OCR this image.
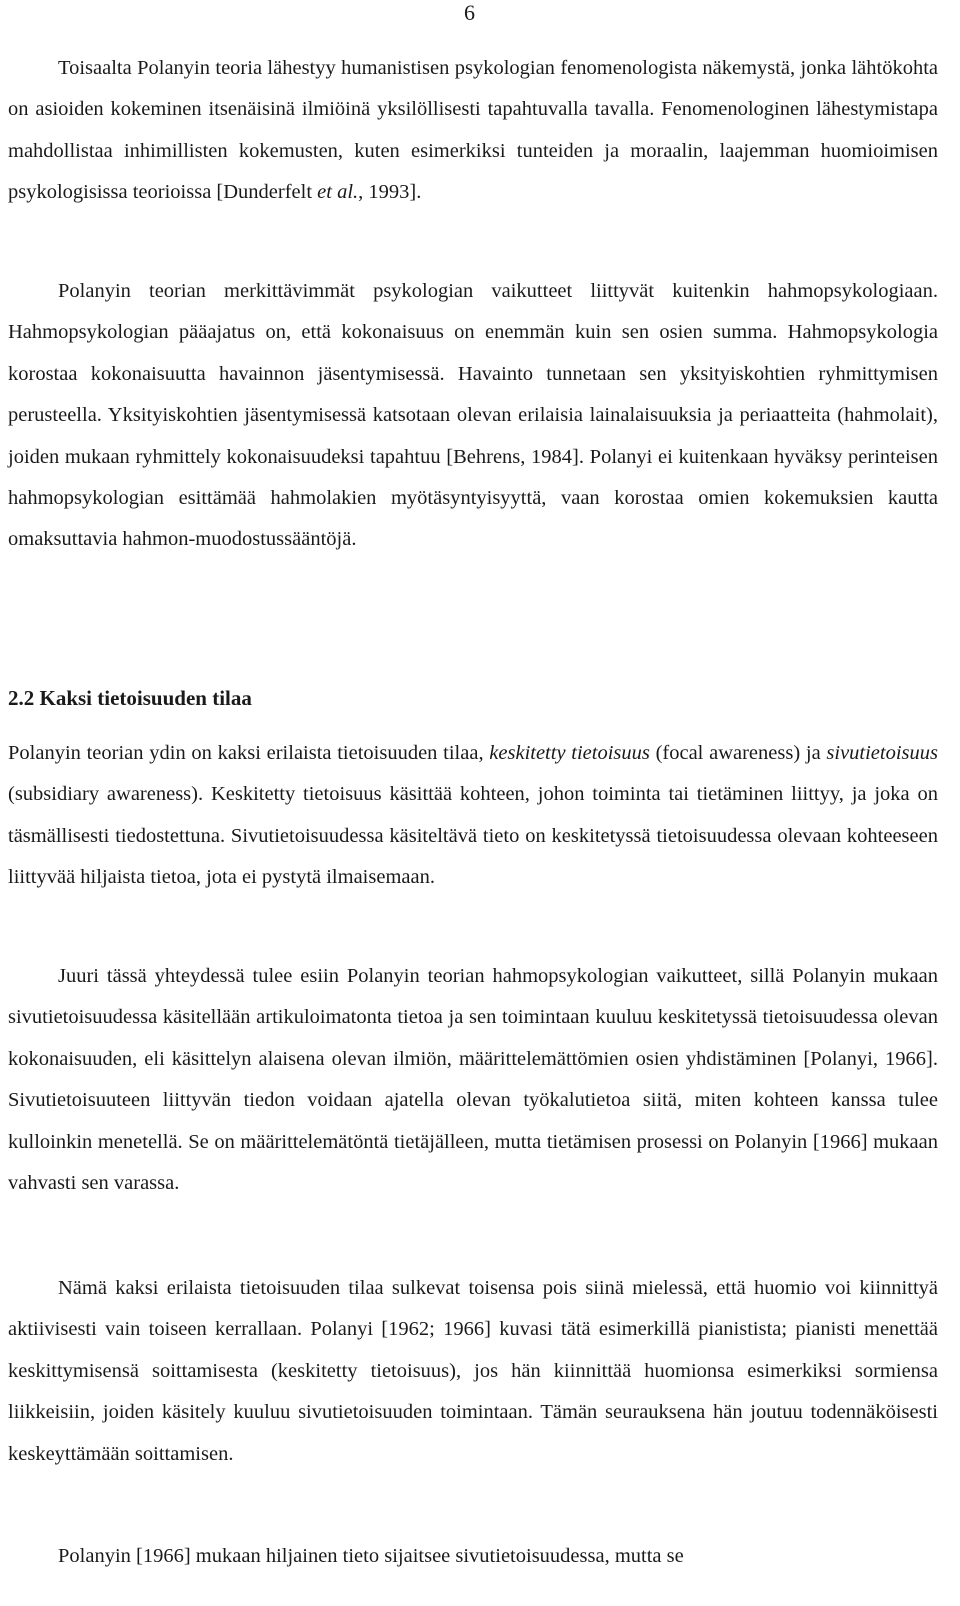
6

Toisaalta Polanyin teoria lähestyy humanistisen psykologian fenomenologista näkemystä, jonka lähtökohta on asioiden kokeminen itsenäisinä ilmiöinä yksilöllisesti tapahtuvalla tavalla. Fenomenologinen lähestymistapa mahdollistaa inhimillisten kokemusten, kuten esimerkiksi tunteiden ja moraalin, laajemman huomioimisen psykologisissa teorioissa [Dunderfelt et al., 1993].

Polanyin teorian merkittävimmät psykologian vaikutteet liittyvät kuitenkin hahmopsykologiaan. Hahmopsykologian pääajatus on, että kokonaisuus on enemmän kuin sen osien summa. Hahmopsykologia korostaa kokonaisuutta havainnon jäsentymisessä. Havainto tunnetaan sen yksityiskohtien ryhmittymisen perusteella. Yksityiskohtien jäsentymisessä katsotaan olevan erilaisia lainalaisuuksia ja periaatteita (hahmolait), joiden mukaan ryhmittely kokonaisuudeksi tapahtuu [Behrens, 1984]. Polanyi ei kuitenkaan hyväksy perinteisen hahmopsykologian esittämää hahmolakien myötäsyntyisyyttä, vaan korostaa omien kokemuksien kautta omaksuttavia hahmon-muodostussääntöjä.

2.2 Kaksi tietoisuuden tilaa

Polanyin teorian ydin on kaksi erilaista tietoisuuden tilaa, keskitetty tietoisuus (focal awareness) ja sivutietoisuus (subsidiary awareness). Keskitetty tietoisuus käsittää kohteen, johon toiminta tai tietäminen liittyy, ja joka on täsmällisesti tiedostettuna. Sivutietoisuudessa käsiteltävä tieto on keskitetyssä tietoisuudessa olevaan kohteeseen liittyvää hiljaista tietoa, jota ei pystytä ilmaisemaan.

Juuri tässä yhteydessä tulee esiin Polanyin teorian hahmopsykologian vaikutteet, sillä Polanyin mukaan sivutietoisuudessa käsitellään artikuloimatonta tietoa ja sen toimintaan kuuluu keskitetyssä tietoisuudessa olevan kokonaisuuden, eli käsittelyn alaisena olevan ilmiön, määrittelemättömien osien yhdistäminen [Polanyi, 1966]. Sivutietoisuuteen liittyvän tiedon voidaan ajatella olevan työkalutietoa siitä, miten kohteen kanssa tulee kulloinkin menetellä. Se on määrittelemätöntä tietäjälleen, mutta tietämisen prosessi on Polanyin [1966] mukaan vahvasti sen varassa.

Nämä kaksi erilaista tietoisuuden tilaa sulkevat toisensa pois siinä mielessä, että huomio voi kiinnittyä aktiivisesti vain toiseen kerrallaan. Polanyi [1962; 1966] kuvasi tätä esimerkillä pianistista; pianisti menettää keskittymisensä soittamisesta (keskitetty tietoisuus), jos hän kiinnittää huomionsa esimerkiksi sormiensa liikkeisiin, joiden käsitely kuuluu sivutietoisuuden toimintaan. Tämän seurauksena hän joutuu todennäköisesti keskeyttämään soittamisen.

Polanyin [1966] mukaan hiljainen tieto sijaitsee sivutietoisuudessa, mutta se
